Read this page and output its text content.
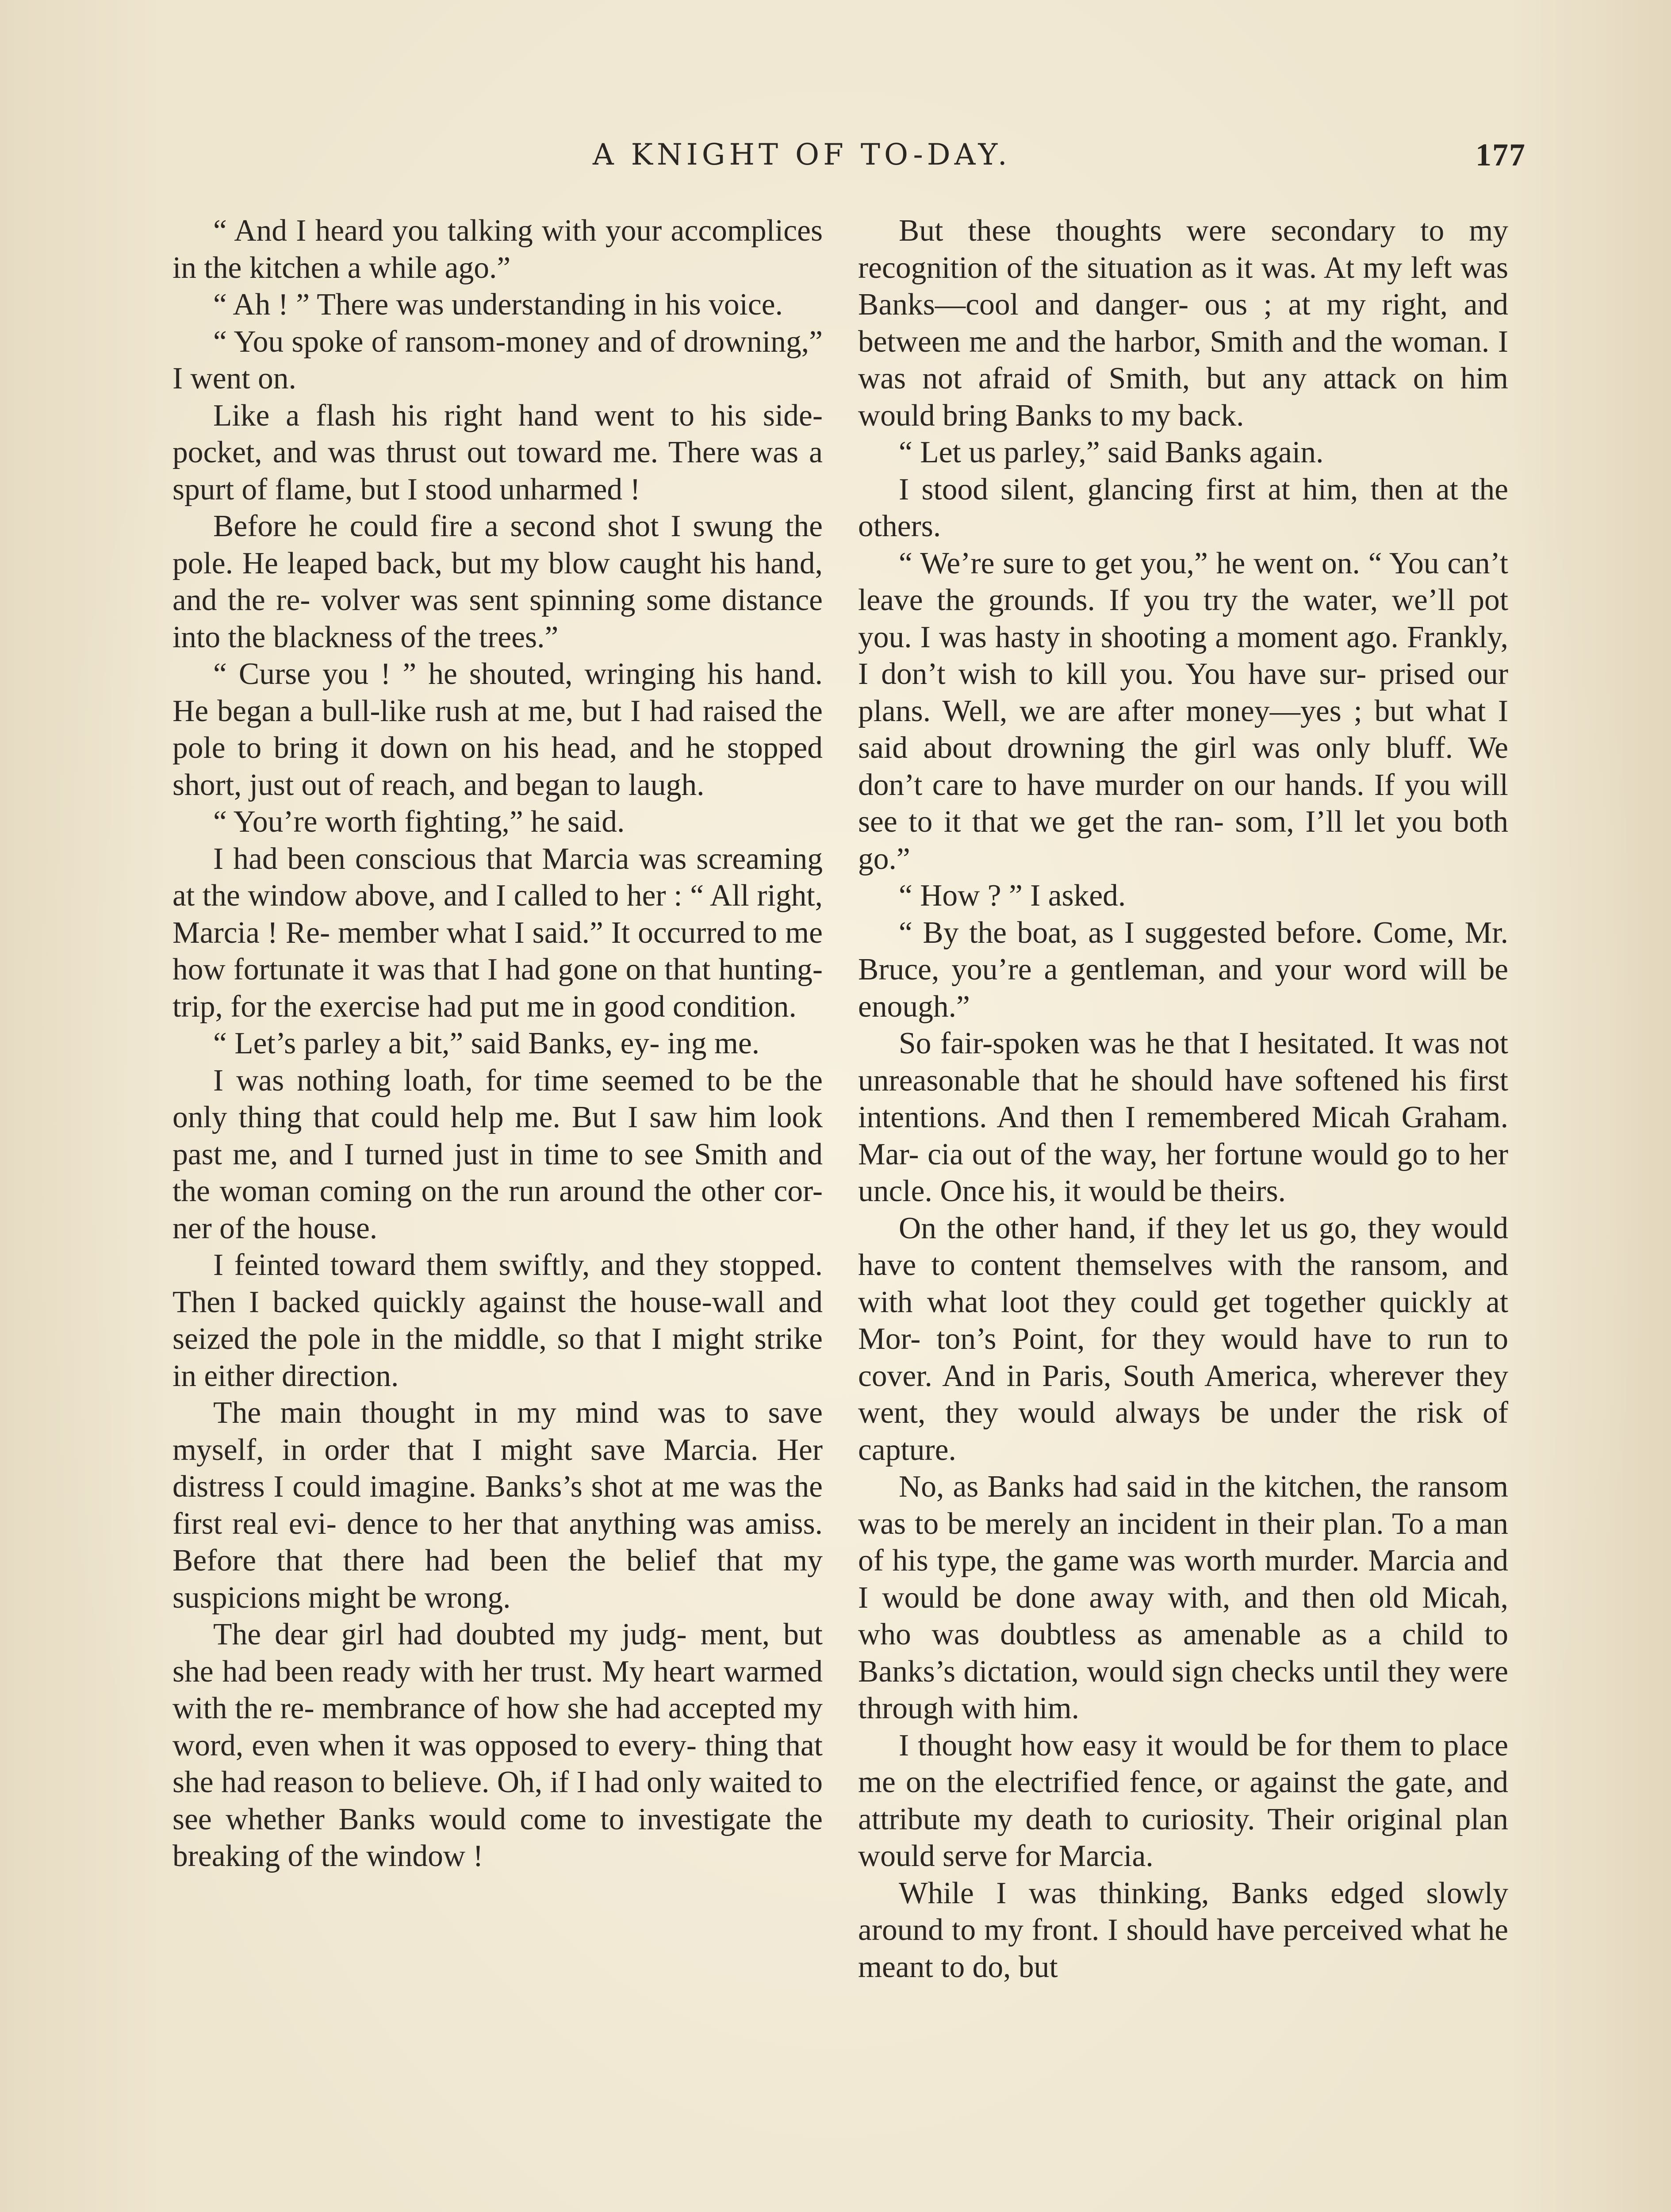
A KNIGHT OF TO-DAY.	177

“ And I heard you talking with your accomplices in the kitchen a while ago.”

“ Ah ! ” There was understanding in his voice.

“ You spoke of ransom-money and of drowning,” I went on.

Like a flash his right hand went to his side-pocket, and was thrust out toward me. There was a spurt of flame, but I stood unharmed !

Before he could fire a second shot I swung the pole. He leaped back, but my blow caught his hand, and the re- volver was sent spinning some distance into the blackness of the trees.”

“ Curse you ! ” he shouted, wringing his hand. He began a bull-like rush at me, but I had raised the pole to bring it down on his head, and he stopped short, just out of reach, and began to laugh.

“ You’re worth fighting,” he said.

I had been conscious that Marcia was screaming at the window above, and I called to her : “ All right, Marcia ! Re- member what I said.” It occurred to me how fortunate it was that I had gone on that hunting-trip, for the exercise had put me in good condition.

“ Let’s parley a bit,” said Banks, ey- ing me.

I was nothing loath, for time seemed to be the only thing that could help me. But I saw him look past me, and I turned just in time to see Smith and the woman coming on the run around the other cor- ner of the house.

I feinted toward them swiftly, and they stopped. Then I backed quickly against the house-wall and seized the pole in the middle, so that I might strike in either direction.

The main thought in my mind was to save myself, in order that I might save Marcia. Her distress I could imagine. Banks’s shot at me was the first real evi- dence to her that anything was amiss. Before that there had been the belief that my suspicions might be wrong.

The dear girl had doubted my judg- ment, but she had been ready with her trust. My heart warmed with the re- membrance of how she had accepted my word, even when it was opposed to every- thing that she had reason to believe. Oh, if I had only waited to see whether Banks would come to investigate the breaking of the window !

But these thoughts were secondary to my recognition of the situation as it was. At my left was Banks—cool and danger- ous ; at my right, and between me and the harbor, Smith and the woman. I was not afraid of Smith, but any attack on him would bring Banks to my back.

“ Let us parley,” said Banks again.

I stood silent, glancing first at him, then at the others.

“ We’re sure to get you,” he went on. “ You can’t leave the grounds. If you try the water, we’ll pot you. I was hasty in shooting a moment ago. Frankly, I don’t wish to kill you. You have sur- prised our plans. Well, we are after money—yes ; but what I said about drowning the girl was only bluff. We don’t care to have murder on our hands. If you will see to it that we get the ran- som, I’ll let you both go.”

“ How ? ” I asked.

“ By the boat, as I suggested before. Come, Mr. Bruce, you’re a gentleman, and your word will be enough.”

So fair-spoken was he that I hesitated. It was not unreasonable that he should have softened his first intentions. And then I remembered Micah Graham. Mar- cia out of the way, her fortune would go to her uncle. Once his, it would be theirs.

On the other hand, if they let us go, they would have to content themselves with the ransom, and with what loot they could get together quickly at Mor- ton’s Point, for they would have to run to cover. And in Paris, South America, wherever they went, they would always be under the risk of capture.

No, as Banks had said in the kitchen, the ransom was to be merely an incident in their plan. To a man of his type, the game was worth murder. Marcia and I would be done away with, and then old Micah, who was doubtless as amenable as a child to Banks’s dictation, would sign checks until they were through with him.

I thought how easy it would be for them to place me on the electrified fence, or against the gate, and attribute my death to curiosity. Their original plan would serve for Marcia.

While I was thinking, Banks edged slowly around to my front. I should have perceived what he meant to do, but
